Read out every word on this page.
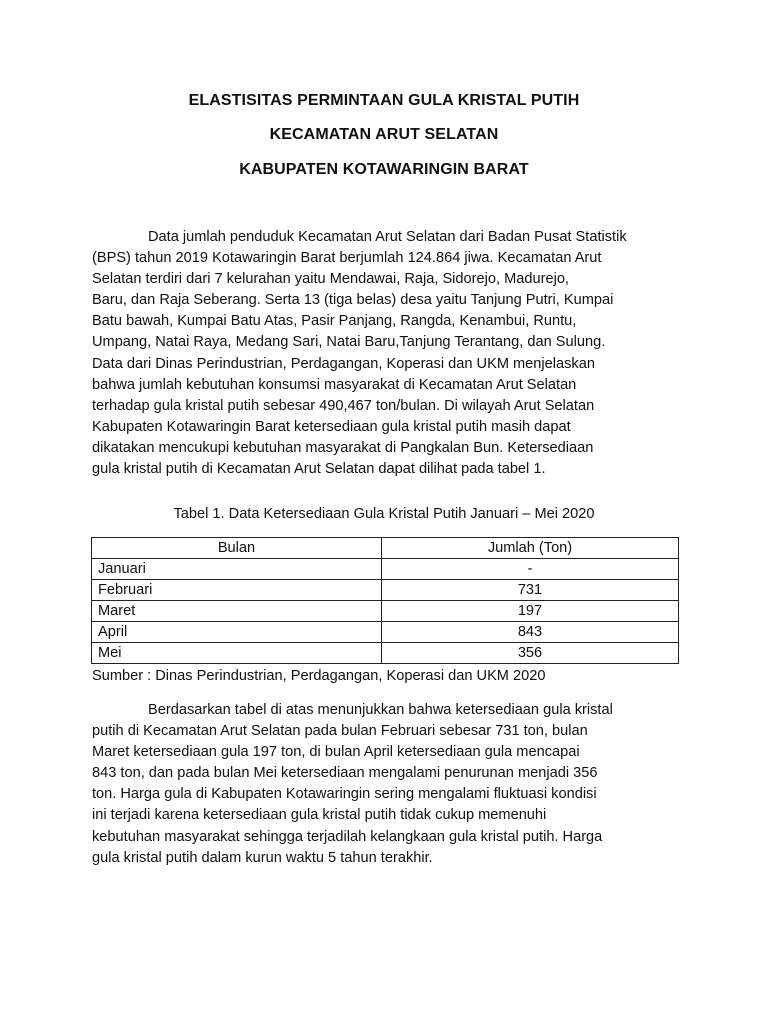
ELASTISITAS PERMINTAAN GULA KRISTAL PUTIH
KECAMATAN ARUT SELATAN
KABUPATEN KOTAWARINGIN BARAT

Data jumlah penduduk Kecamatan Arut Selatan dari Badan Pusat Statistik
(BPS) tahun 2019 Kotawaringin Barat berjumlah 124.864 jiwa. Kecamatan Arut
Selatan terdiri dari 7 kelurahan yaitu Mendawai, Raja, Sidorejo, Madurejo,
Baru, dan Raja Seberang. Serta 13 (tiga belas) desa yaitu Tanjung Putri, Kumpai
Batu bawah, Kumpai Batu Atas, Pasir Panjang, Rangda, Kenambui, Runtu,
Umpang, Natai Raya, Medang Sari, Natai Baru,Tanjung Terantang, dan Sulung.
Data dari Dinas Perindustrian, Perdagangan, Koperasi dan UKM menjelaskan
bahwa jumlah kebutuhan konsumsi masyarakat di Kecamatan Arut Selatan
terhadap gula kristal putih sebesar 490,467 ton/bulan. Di wilayah Arut Selatan
Kabupaten Kotawaringin Barat ketersediaan gula kristal putih masih dapat
dikatakan mencukupi kebutuhan masyarakat di Pangkalan Bun. Ketersediaan
gula kristal putih di Kecamatan Arut Selatan dapat dilihat pada tabel 1.

Tabel 1. Data Ketersediaan Gula Kristal Putih Januari – Mei 2020
Bulan	Jumlah (Ton)
Januari	-
Februari	731
Maret	197
April	843
Mei	356
Sumber : Dinas Perindustrian, Perdagangan, Koperasi dan UKM 2020

Berdasarkan tabel di atas menunjukkan bahwa ketersediaan gula kristal
putih di Kecamatan Arut Selatan pada bulan Februari sebesar 731 ton, bulan
Maret ketersediaan gula 197 ton, di bulan April ketersediaan gula mencapai
843 ton, dan pada bulan Mei ketersediaan mengalami penurunan menjadi 356
ton. Harga gula di Kabupaten Kotawaringin sering mengalami fluktuasi kondisi
ini terjadi karena ketersediaan gula kristal putih tidak cukup memenuhi
kebutuhan masyarakat sehingga terjadilah kelangkaan gula kristal putih. Harga
gula kristal putih dalam kurun waktu 5 tahun terakhir.
